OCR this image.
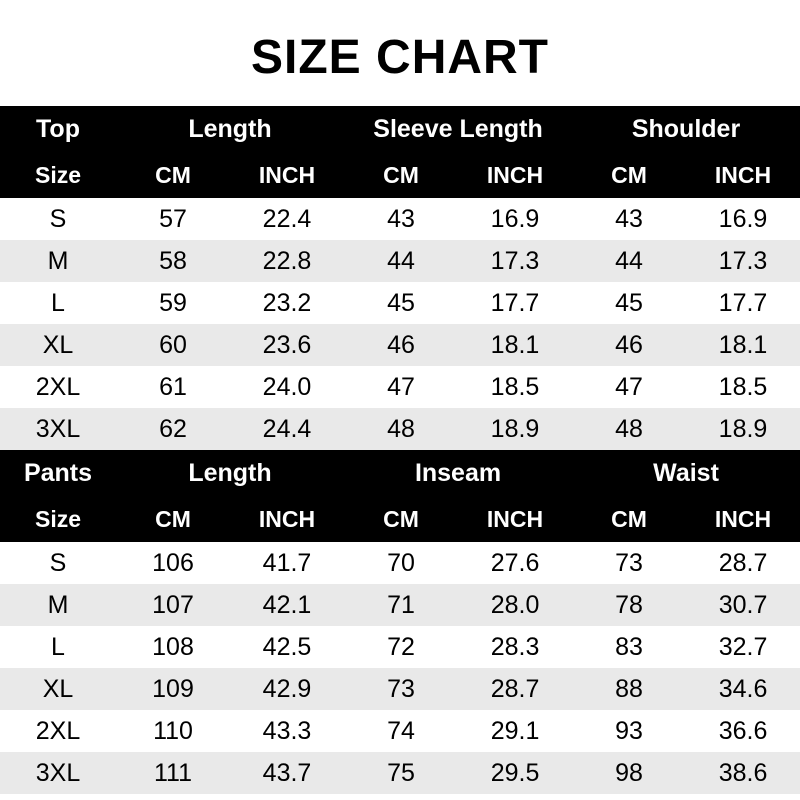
SIZE CHART
Top	Length		Sleeve Length		Shoulder	
Size	CM	INCH	CM	INCH	CM	INCH
S	57	22.4	43	16.9	43	16.9
M	58	22.8	44	17.3	44	17.3
L	59	23.2	45	17.7	45	17.7
XL	60	23.6	46	18.1	46	18.1
2XL	61	24.0	47	18.5	47	18.5
3XL	62	24.4	48	18.9	48	18.9
Pants	Length		Inseam		Waist	
Size	CM	INCH	CM	INCH	CM	INCH
S	106	41.7	70	27.6	73	28.7
M	107	42.1	71	28.0	78	30.7
L	108	42.5	72	28.3	83	32.7
XL	109	42.9	73	28.7	88	34.6
2XL	110	43.3	74	29.1	93	36.6
3XL	111	43.7	75	29.5	98	38.6
